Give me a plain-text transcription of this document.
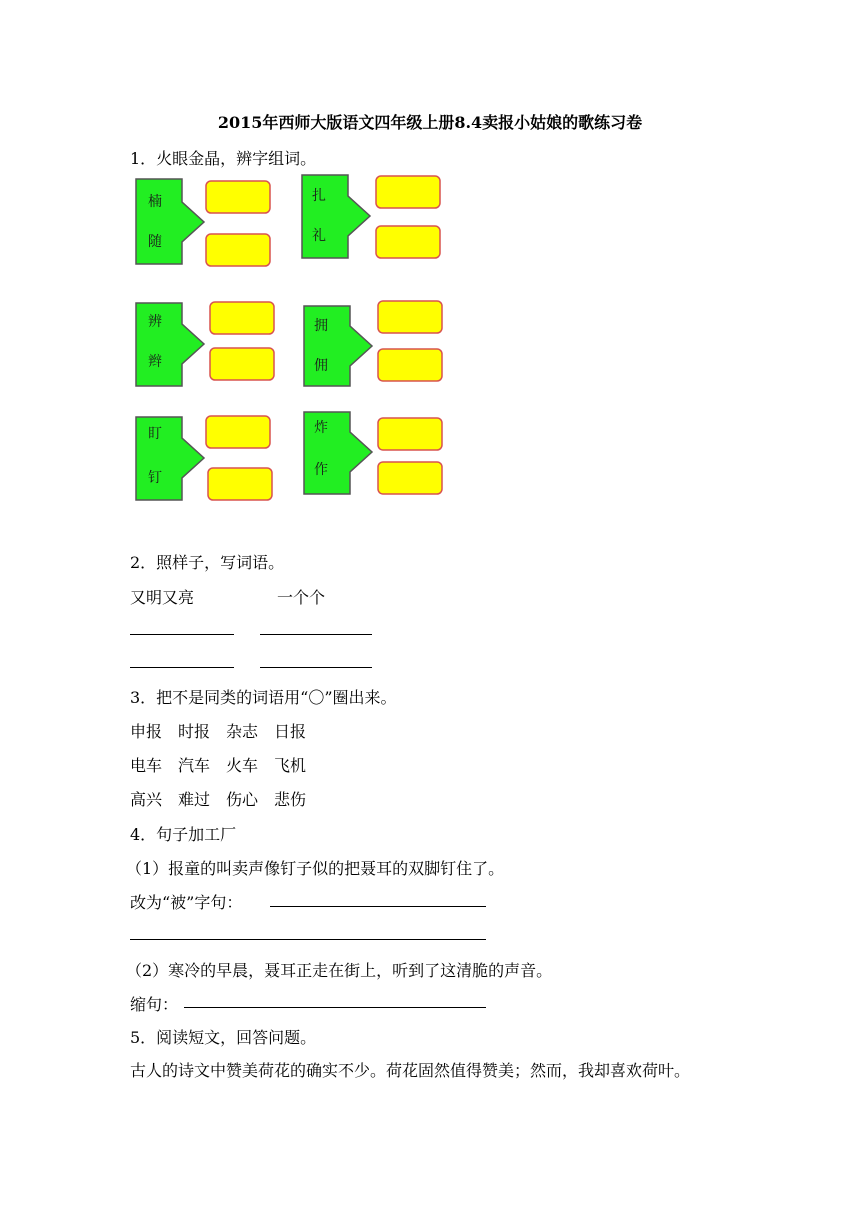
2015年西师大版语文四年级上册8.4卖报小姑娘的歌练习卷
1．火眼金晶，辨字组词。
楠
随
扎
礼
辨
辫
拥
佣
盯
钉
炸
作
2．照样子，写词语。
又明又亮	一个个
3．把不是同类的词语用“〇”圈出来。
申报 时报 杂志 日报
电车 汽车 火车 飞机
高兴 难过 伤心 悲伤
4．句子加工厂
（1）报童的叫卖声像钉子似的把聂耳的双脚钉住了。
改为“被”字句：
（2）寒冷的早晨，聂耳正走在街上，听到了这清脆的声音。
缩句：
5．阅读短文，回答问题。
古人的诗文中赞美荷花的确实不少。荷花固然值得赞美；然而，我却喜欢荷叶。
